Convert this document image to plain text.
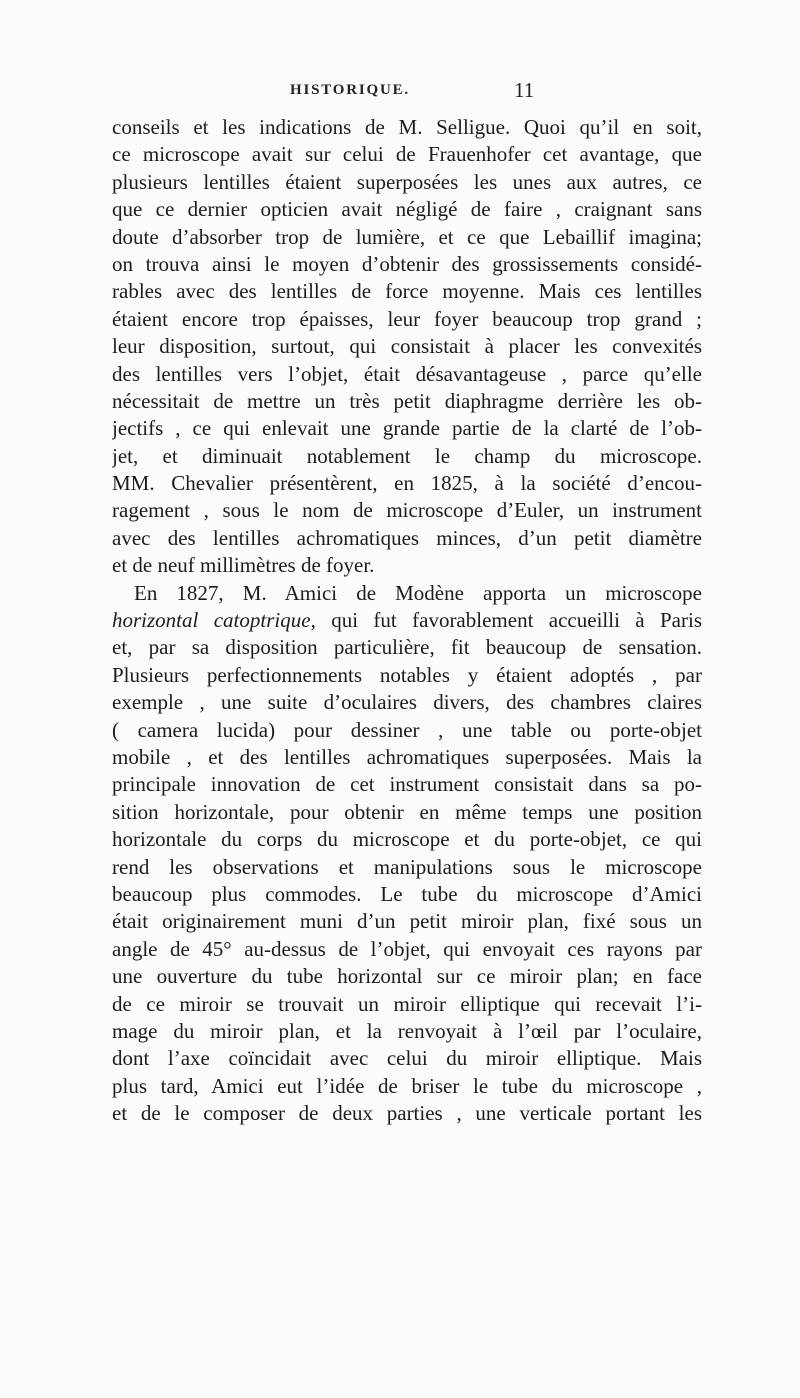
HISTORIQUE.	11
conseils et les indications de M. Selligue. Quoi qu’il en soit,
ce microscope avait sur celui de Frauenhofer cet avantage, que
plusieurs lentilles étaient superposées les unes aux autres, ce
que ce dernier opticien avait négligé de faire , craignant sans
doute d’absorber trop de lumière, et ce que Lebaillif imagina;
on trouva ainsi le moyen d’obtenir des grossissements considé-
rables avec des lentilles de force moyenne. Mais ces lentilles
étaient encore trop épaisses, leur foyer beaucoup trop grand ;
leur disposition, surtout, qui consistait à placer les convexités
des lentilles vers l’objet, était désavantageuse , parce qu’elle
nécessitait de mettre un très petit diaphragme derrière les ob-
jectifs , ce qui enlevait une grande partie de la clarté de l’ob-
jet, et diminuait notablement le champ du microscope.
MM. Chevalier présentèrent, en 1825, à la société d’encou-
ragement , sous le nom de microscope d’Euler, un instrument
avec des lentilles achromatiques minces, d’un petit diamètre
et de neuf millimètres de foyer.
En 1827, M. Amici de Modène apporta un microscope
horizontal catoptrique, qui fut favorablement accueilli à Paris
et, par sa disposition particulière, fit beaucoup de sensation.
Plusieurs perfectionnements notables y étaient adoptés , par
exemple , une suite d’oculaires divers, des chambres claires
( camera lucida) pour dessiner , une table ou porte-objet
mobile , et des lentilles achromatiques superposées. Mais la
principale innovation de cet instrument consistait dans sa po-
sition horizontale, pour obtenir en même temps une position
horizontale du corps du microscope et du porte-objet, ce qui
rend les observations et manipulations sous le microscope
beaucoup plus commodes. Le tube du microscope d’Amici
était originairement muni d’un petit miroir plan, fixé sous un
angle de 45° au-dessus de l’objet, qui envoyait ces rayons par
une ouverture du tube horizontal sur ce miroir plan; en face
de ce miroir se trouvait un miroir elliptique qui recevait l’i-
mage du miroir plan, et la renvoyait à l’œil par l’oculaire,
dont l’axe coïncidait avec celui du miroir elliptique. Mais
plus tard, Amici eut l’idée de briser le tube du microscope ,
et de le composer de deux parties , une verticale portant les
